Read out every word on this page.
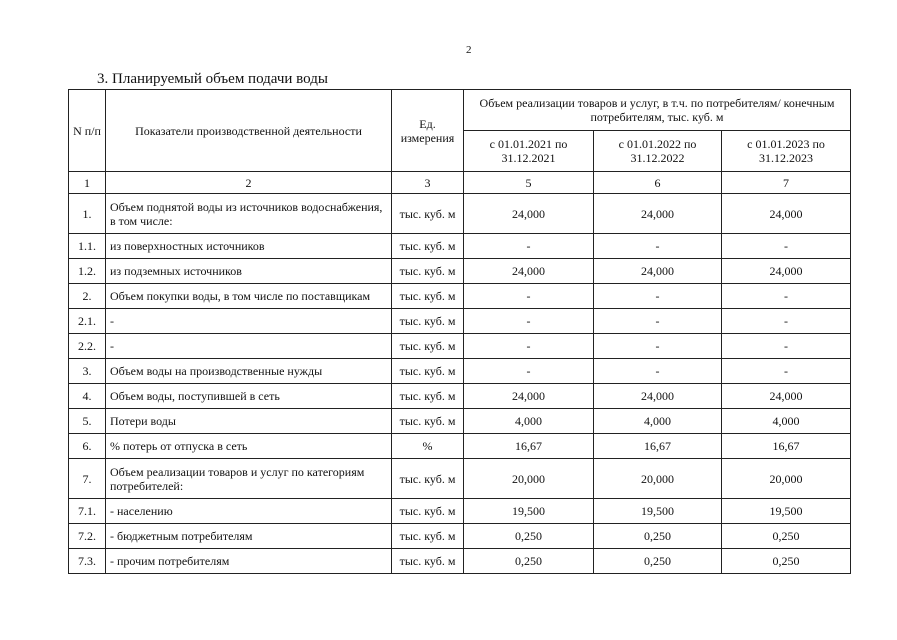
2
3. Планируемый объем подачи воды
N п/п	Показатели производственной деятельности	Ед. измерения	Объем реализации товаров и услуг, в т.ч. по потребителям/ конечным потребителям, тыс. куб. м		
			с 01.01.2021 по 31.12.2021	с 01.01.2022 по 31.12.2022	с 01.01.2023 по 31.12.2023
1	2	3	5	6	7
1.	Объем поднятой воды из источников водоснабжения, в том числе:	тыс. куб. м	24,000	24,000	24,000
1.1.	из поверхностных источников	тыс. куб. м	-	-	-
1.2.	из подземных источников	тыс. куб. м	24,000	24,000	24,000
2.	Объем покупки воды, в том числе по поставщикам	тыс. куб. м	-	-	-
2.1.	-	тыс. куб. м	-	-	-
2.2.	-	тыс. куб. м	-	-	-
3.	Объем воды на производственные нужды	тыс. куб. м	-	-	-
4.	Объем воды, поступившей в сеть	тыс. куб. м	24,000	24,000	24,000
5.	Потери воды	тыс. куб. м	4,000	4,000	4,000
6.	% потерь от отпуска в сеть	%	16,67	16,67	16,67
7.	Объем реализации товаров и услуг по категориям потребителей:	тыс. куб. м	20,000	20,000	20,000
7.1.	- населению	тыс. куб. м	19,500	19,500	19,500
7.2.	- бюджетным потребителям	тыс. куб. м	0,250	0,250	0,250
7.3.	- прочим потребителям	тыс. куб. м	0,250	0,250	0,250
